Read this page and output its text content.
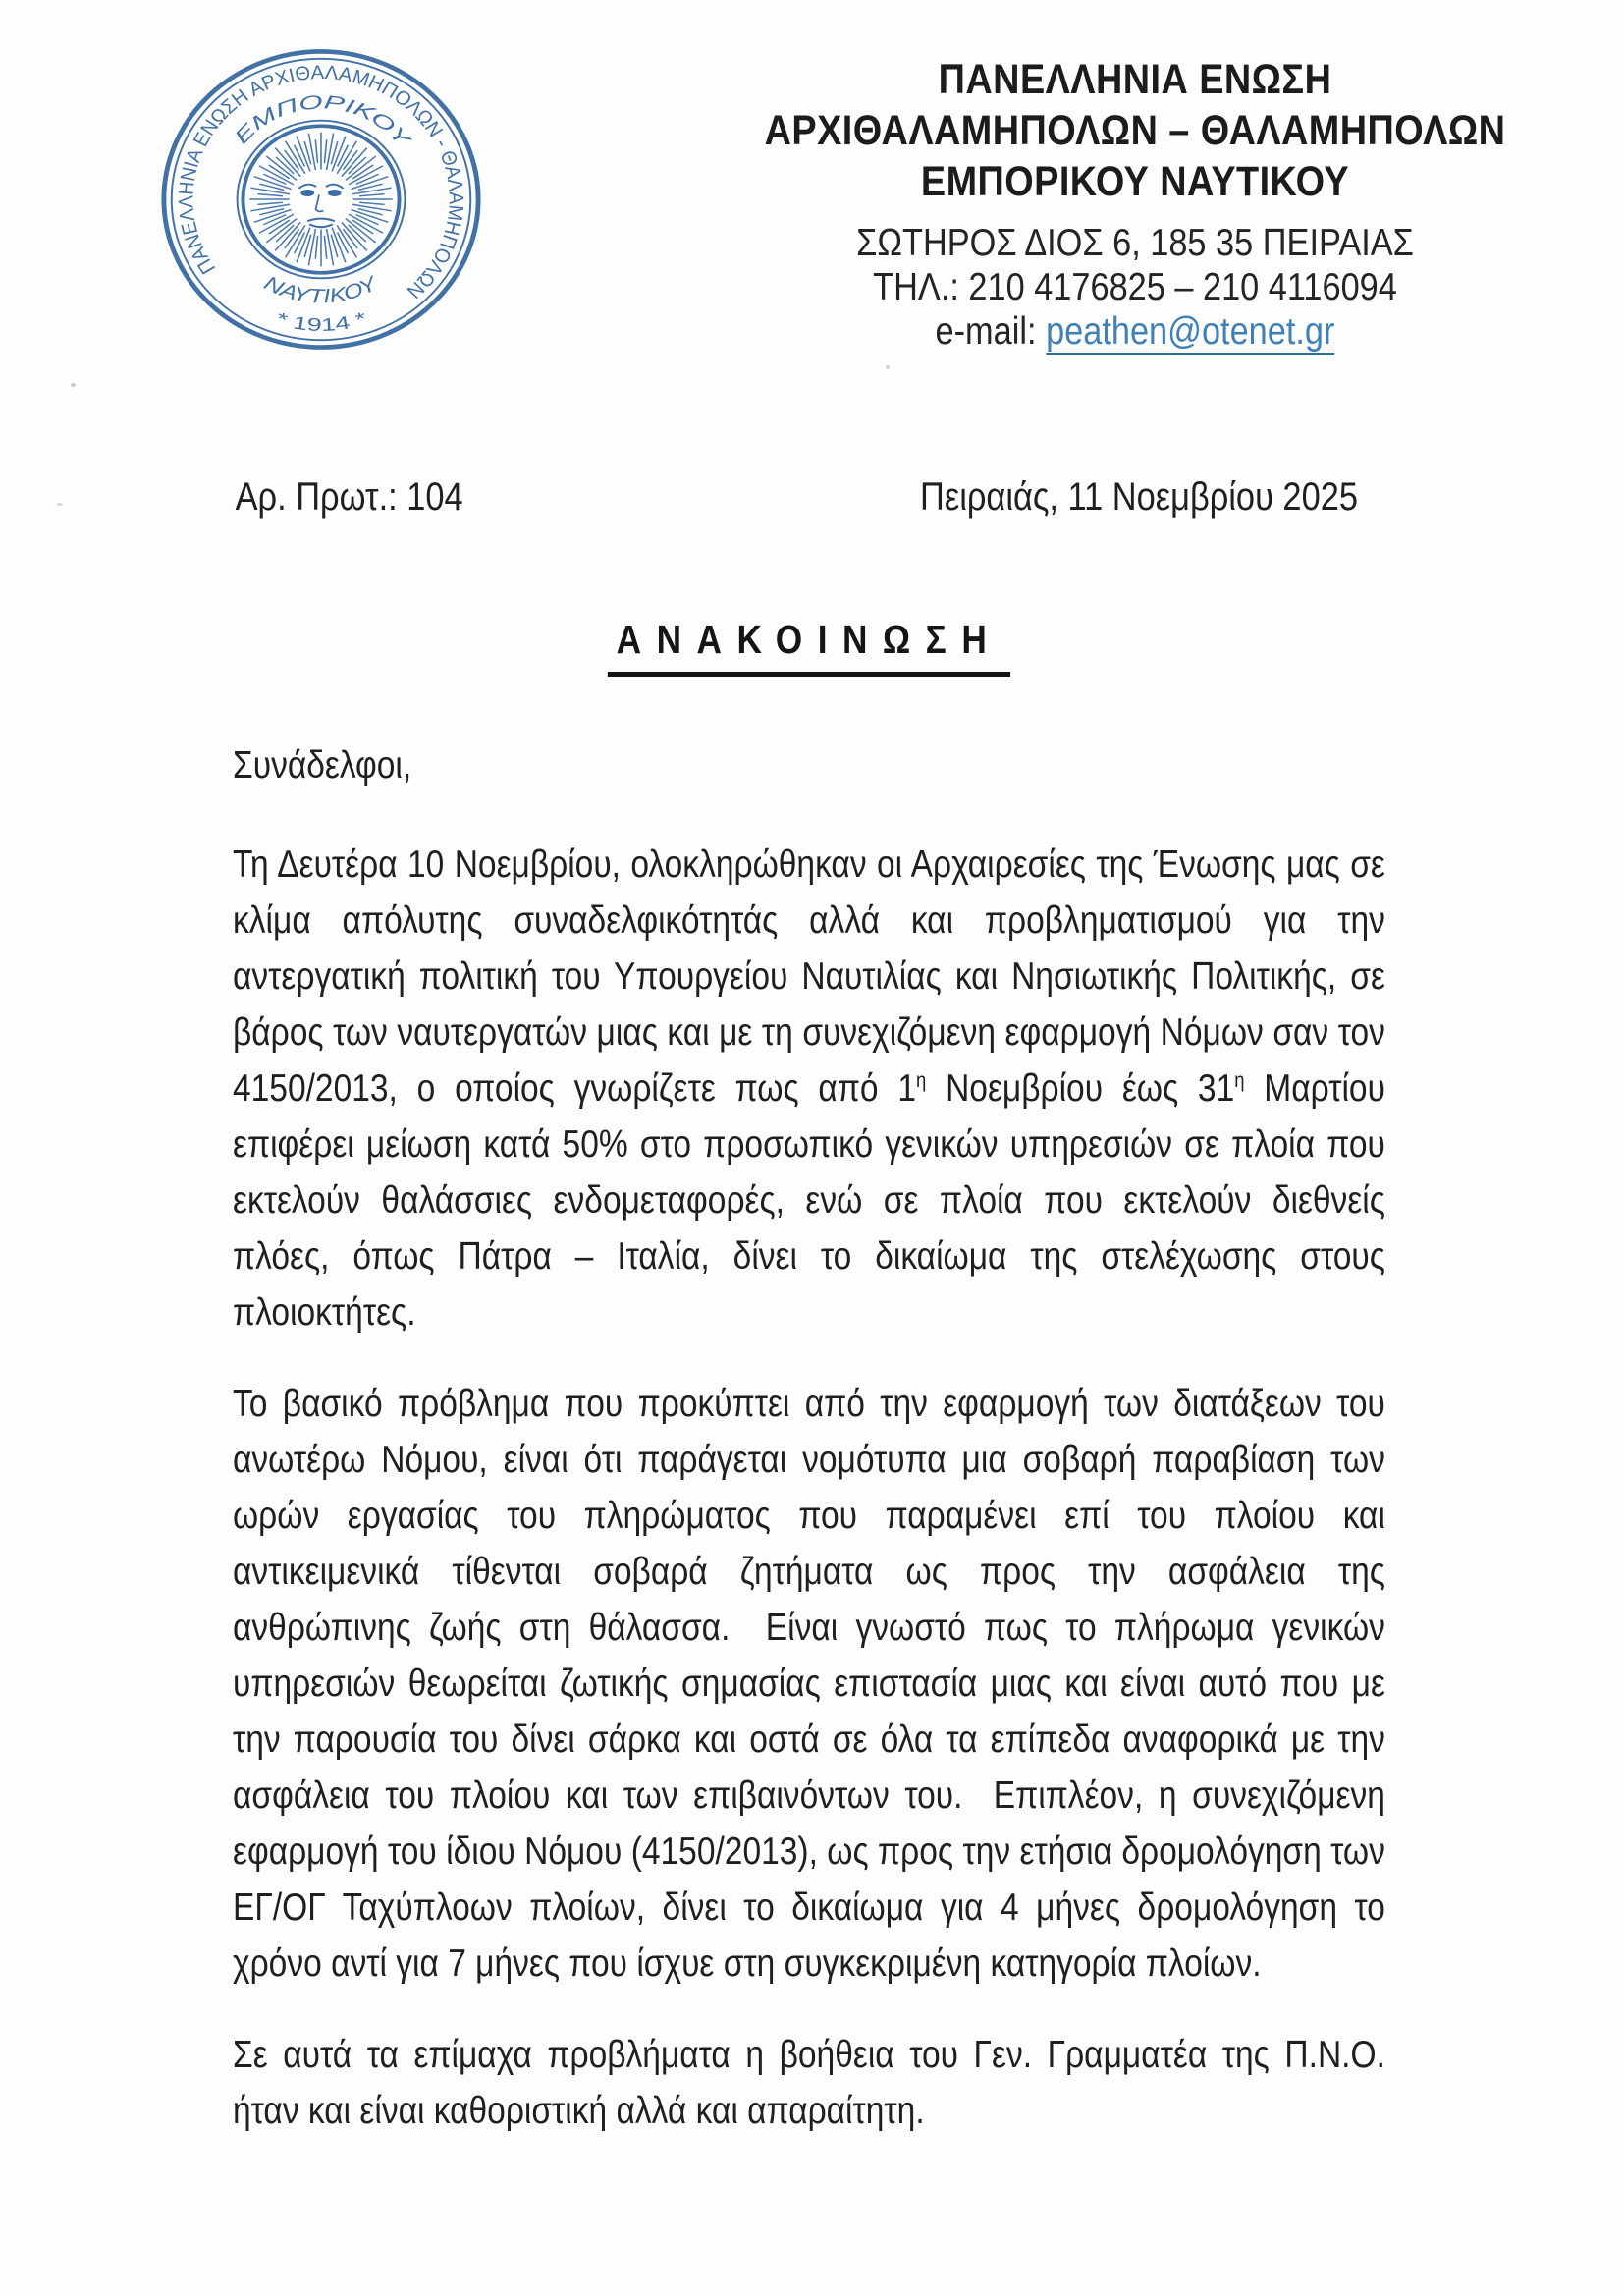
ΠΑΝΕΛΛΗΝΙΑ ΕΝΩΣΗ ΑΡΧΙΘΑΛΑΜΗΠΟΛΩΝ - ΘΑΛΑΜΗΠΟΛΩΝ
ΕΜΠΟΡΙΚΟΥ
ΝΑΥΤΙΚΟΥ
* 1914 *
ΠΑΝΕΛΛΗΝΙΑ ΕΝΩΣΗ
ΑΡΧΙΘΑΛΑΜΗΠΟΛΩΝ – ΘΑΛΑΜΗΠΟΛΩΝ
ΕΜΠΟΡΙΚΟΥ ΝΑΥΤΙΚΟΥ
ΣΩΤΗΡΟΣ ΔΙΟΣ 6, 185 35 ΠΕΙΡΑΙΑΣ
ΤΗΛ.: 210 4176825 – 210 4116094
e-mail: peathen@otenet.gr
Αρ. Πρωτ.: 104	Πειραιάς, 11 Νοεμβρίου 2025
ΑΝΑΚΟΙΝΩΣΗ
Συνάδελφοι,

Τη Δευτέρα 10 Νοεμβρίου, ολοκληρώθηκαν οι Αρχαιρεσίες της Ένωσης μας σε κλίμα απόλυτης συναδελφικότητάς αλλά και προβληματισμού για την αντεργατική πολιτική του Υπουργείου Ναυτιλίας και Νησιωτικής Πολιτικής, σε βάρος των ναυτεργατών μιας και με τη συνεχιζόμενη εφαρμογή Νόμων σαν τον 4150/2013, ο οποίος γνωρίζετε πως από $1^\eta$ Νοεμβρίου έως $31^\eta$ Μαρτίου επιφέρει μείωση κατά 50% στο προσωπικό γενικών υπηρεσιών σε πλοία που εκτελούν θαλάσσιες ενδομεταφορές, ενώ σε πλοία που εκτελούν διεθνείς πλόες, όπως Πάτρα – Ιταλία, δίνει το δικαίωμα της στελέχωσης στους πλοιοκτήτες.

Το βασικό πρόβλημα που προκύπτει από την εφαρμογή των διατάξεων του ανωτέρω Νόμου, είναι ότι παράγεται νομότυπα μια σοβαρή παραβίαση των ωρών εργασίας του πληρώματος που παραμένει επί του πλοίου και αντικειμενικά τίθενται σοβαρά ζητήματα ως προς την ασφάλεια της ανθρώπινης ζωής στη θάλασσα.  Είναι γνωστό πως το πλήρωμα γενικών υπηρεσιών θεωρείται ζωτικής σημασίας επιστασία μιας και είναι αυτό που με την παρουσία του δίνει σάρκα και οστά σε όλα τα επίπεδα αναφορικά με την ασφάλεια του πλοίου και των επιβαινόντων του.  Επιπλέον, η συνεχιζόμενη εφαρμογή του ίδιου Νόμου (4150/2013), ως προς την ετήσια δρομολόγηση των ΕΓ/ΟΓ Ταχύπλοων πλοίων, δίνει το δικαίωμα για 4 μήνες δρομολόγηση το χρόνο αντί για 7 μήνες που ίσχυε στη συγκεκριμένη κατηγορία πλοίων.

Σε αυτά τα επίμαχα προβλήματα η βοήθεια του Γεν. Γραμματέα της Π.Ν.Ο. ήταν και είναι καθοριστική αλλά και απαραίτητη.
